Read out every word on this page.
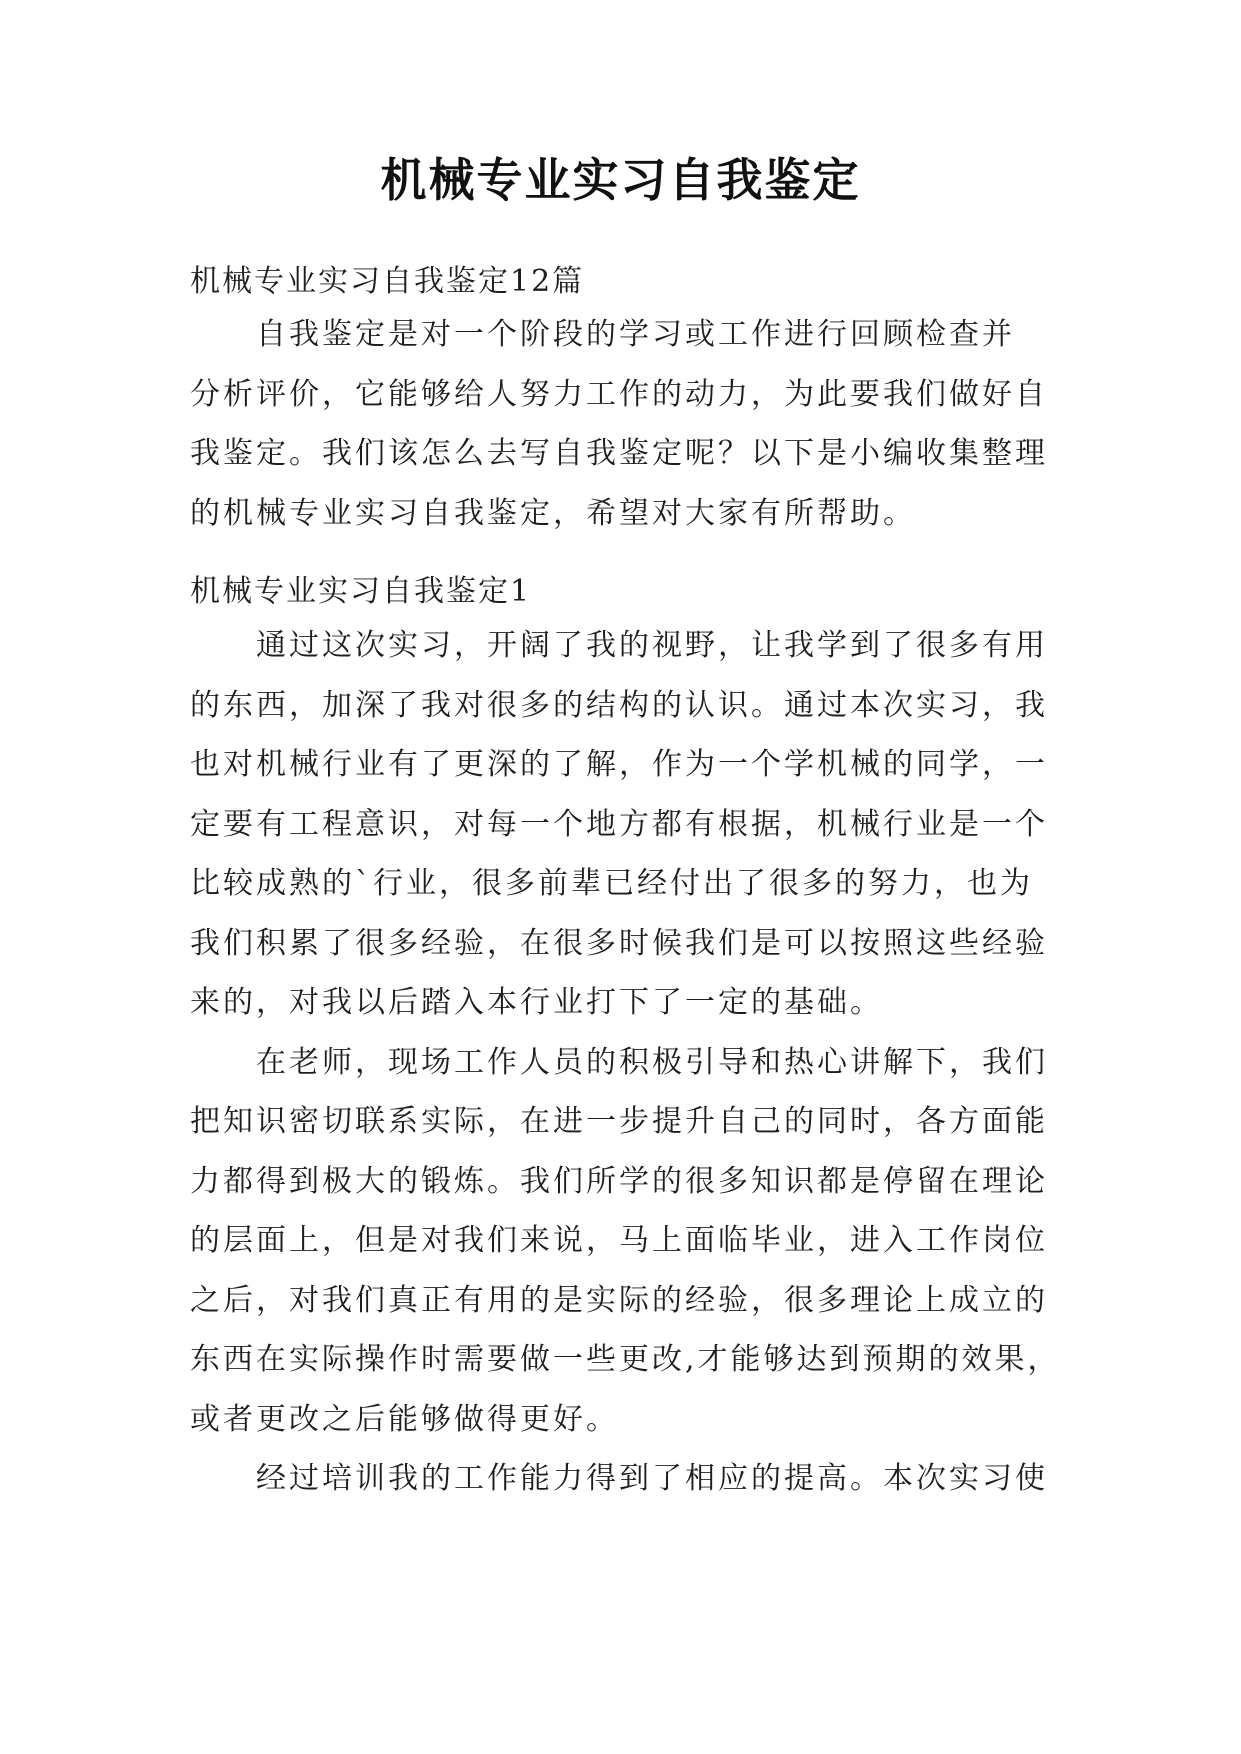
机械专业实习自我鉴定
机械专业实习自我鉴定12篇
自我鉴定是对一个阶段的学习或工作进行回顾检查并
分析评价，它能够给人努力工作的动力，为此要我们做好自
我鉴定。我们该怎么去写自我鉴定呢？以下是小编收集整理
的机械专业实习自我鉴定，希望对大家有所帮助。
机械专业实习自我鉴定1
通过这次实习，开阔了我的视野，让我学到了很多有用
的东西，加深了我对很多的结构的认识。通过本次实习，我
也对机械行业有了更深的了解，作为一个学机械的同学，一
定要有工程意识，对每一个地方都有根据，机械行业是一个
比较成熟的`行业，很多前辈已经付出了很多的努力，也为
我们积累了很多经验，在很多时候我们是可以按照这些经验
来的，对我以后踏入本行业打下了一定的基础。
在老师，现场工作人员的积极引导和热心讲解下，我们
把知识密切联系实际，在进一步提升自己的同时，各方面能
力都得到极大的锻炼。我们所学的很多知识都是停留在理论
的层面上，但是对我们来说，马上面临毕业，进入工作岗位
之后，对我们真正有用的是实际的经验，很多理论上成立的
东西在实际操作时需要做一些更改,才能够达到预期的效果，
或者更改之后能够做得更好。
经过培训我的工作能力得到了相应的提高。本次实习使
